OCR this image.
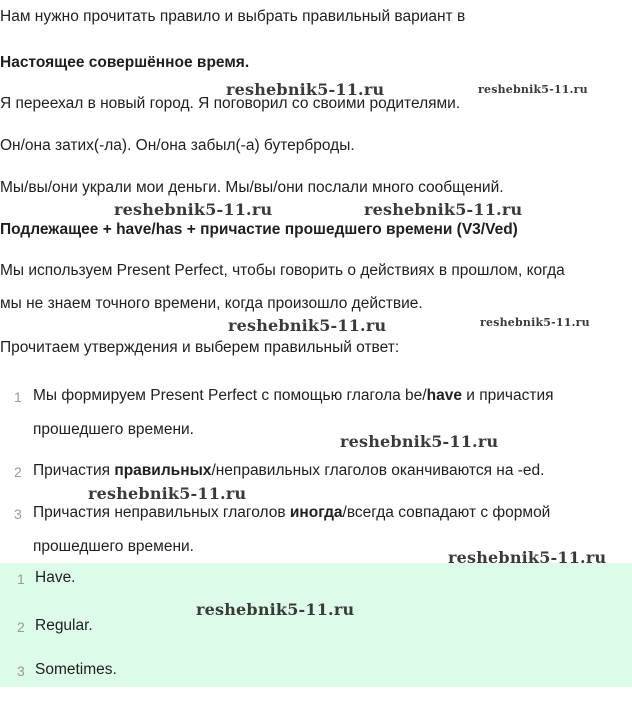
Нам нужно прочитать правило и выбрать правильный вариант в
Настоящее совершённое время.
Я переехал в новый город. Я поговорил со своими родителями.
Он/она затих(-ла). Он/она забыл(-а) бутерброды.
Мы/вы/они украли мои деньги. Мы/вы/они послали много сообщений.
Подлежащее + have/has + причастие прошедшего времени (V3/Ved)
Мы используем Present Perfect, чтобы говорить о действиях в прошлом, когда
мы не знаем точного времени, когда произошло действие.
Прочитаем утверждения и выберем правильный ответ:
1 Мы формируем Present Perfect с помощью глагола be/have и причастия
прошедшего времени.
2 Причастия правильных/неправильных глаголов оканчиваются на -ed.
3 Причастия неправильных глаголов иногда/всегда совпадают с формой
прошедшего времени.
1 Have.
2 Regular.
3 Sometimes.
reshebnik5-11.ru	reshebnik5-11.ru
reshebnik5-11.ru	reshebnik5-11.ru
reshebnik5-11.ru	reshebnik5-11.ru
reshebnik5-11.ru
reshebnik5-11.ru
reshebnik5-11.ru
reshebnik5-11.ru
